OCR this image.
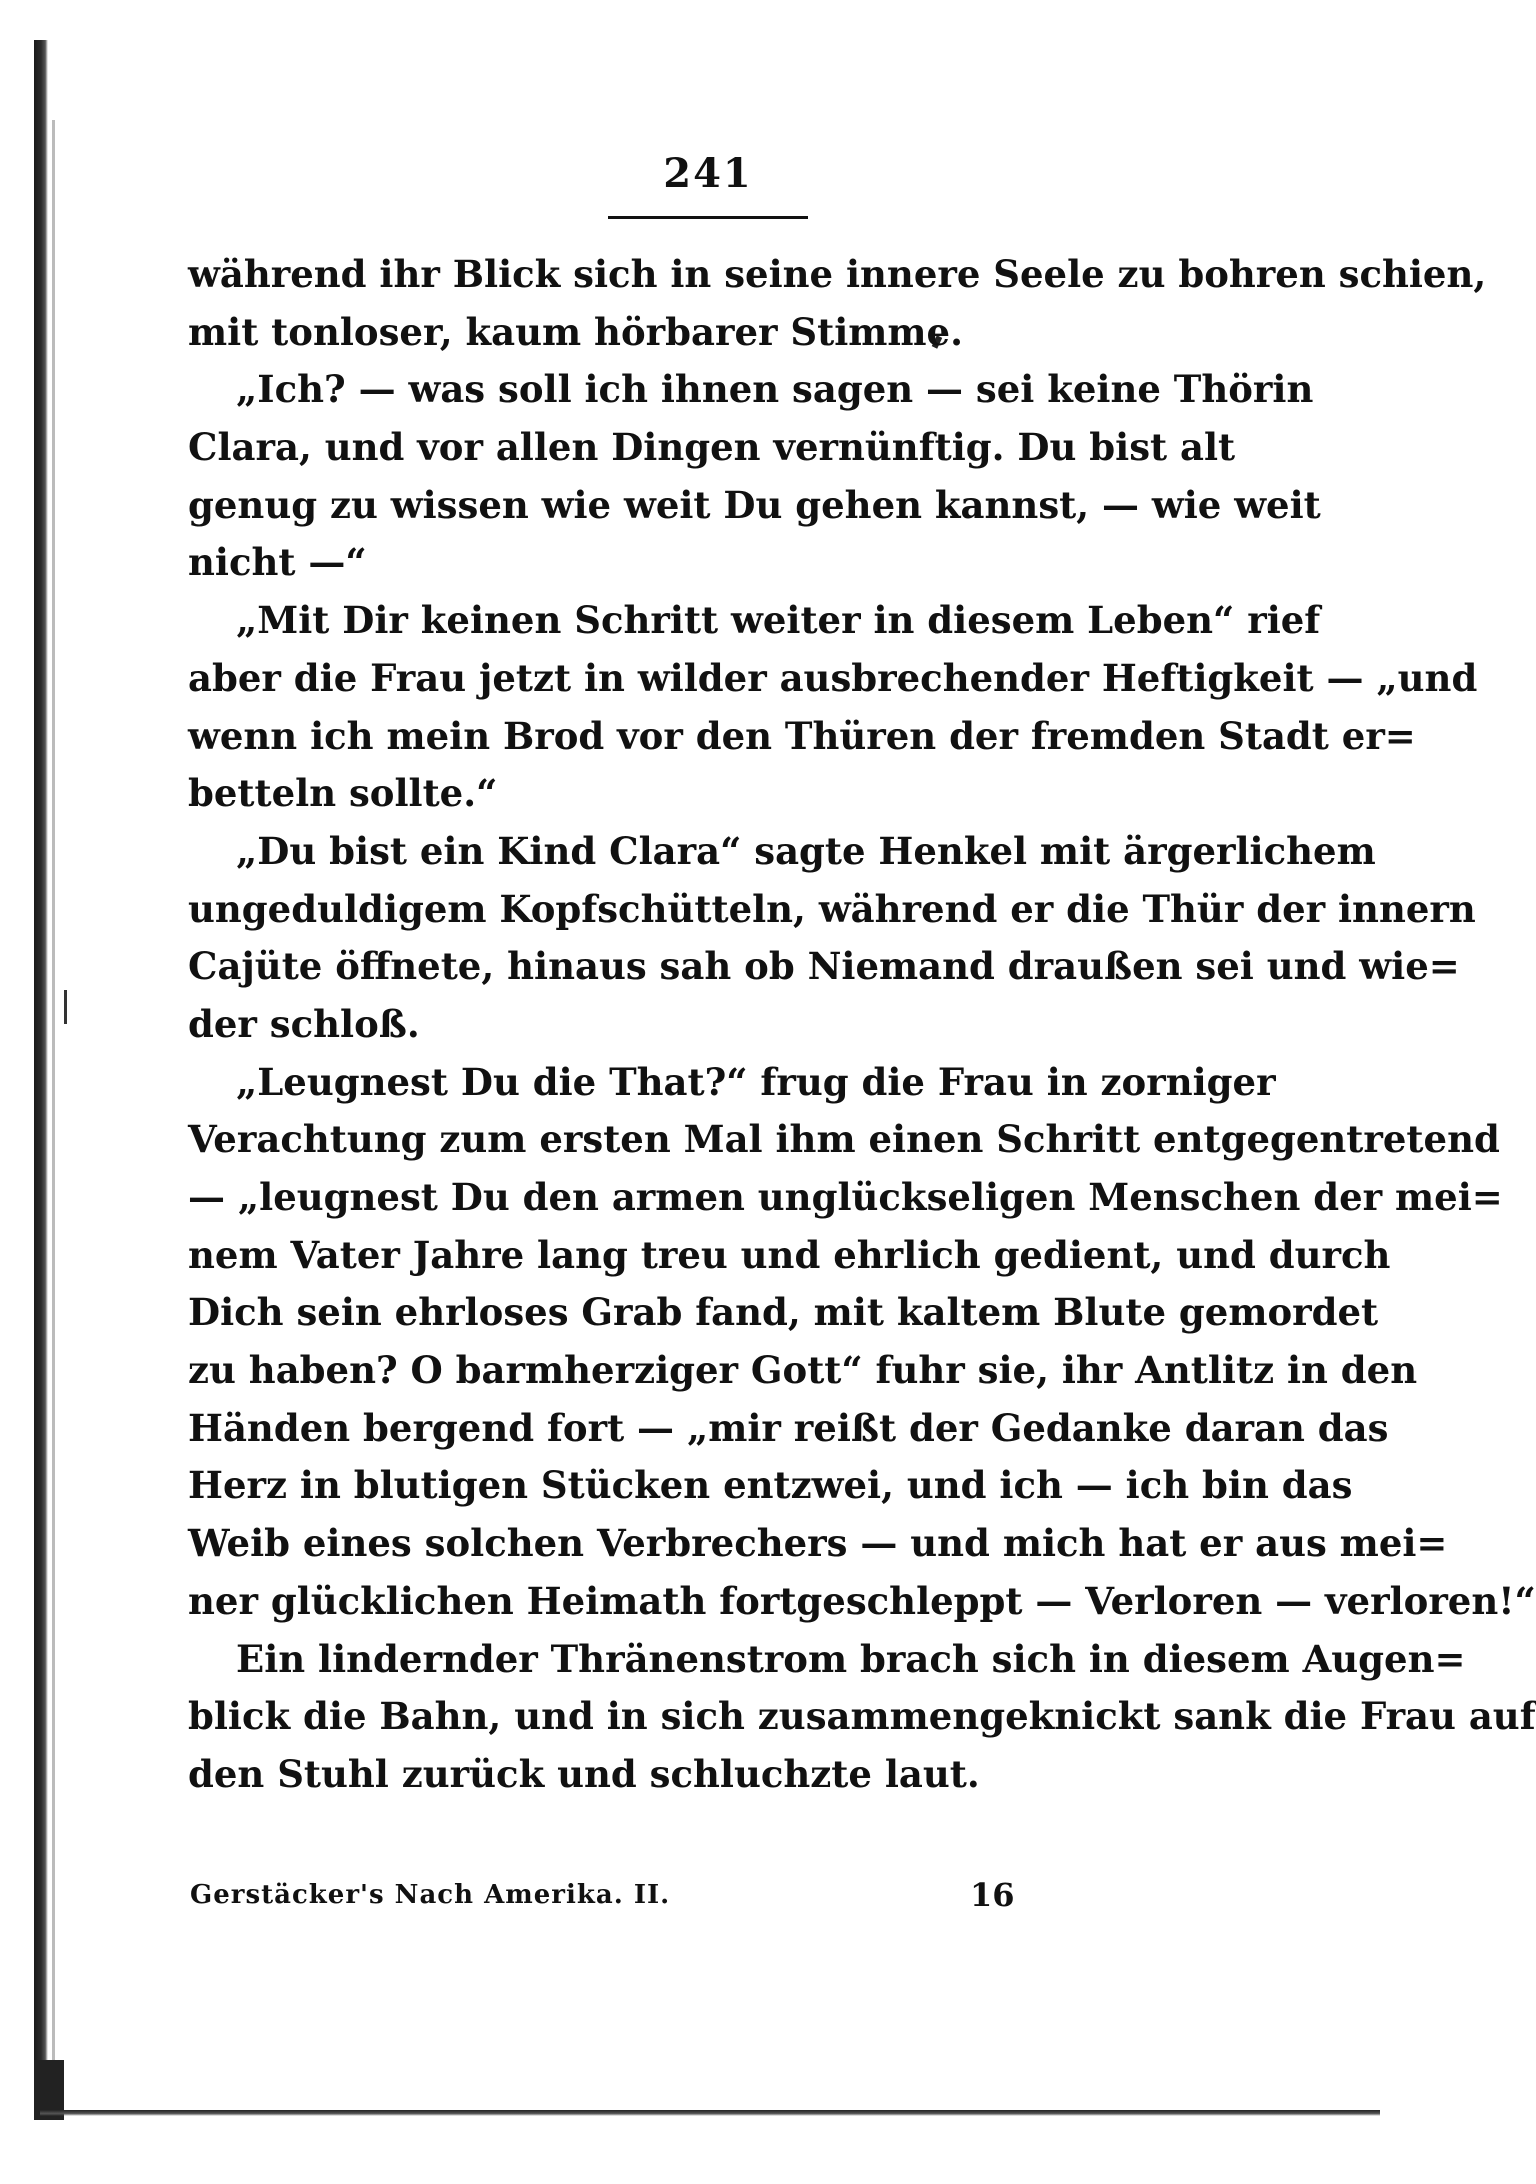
241
während ihr Blick sich in seine innere Seele zu bohren schien,
mit tonloser, kaum hörbarer Stimme.
„Ich? — was soll ich ihnen sagen — sei keine Thörin
Clara, und vor allen Dingen vernünftig. Du bist alt
genug zu wissen wie weit Du gehen kannst, — wie weit
nicht —“
„Mit Dir keinen Schritt weiter in diesem Leben“ rief
aber die Frau jetzt in wilder ausbrechender Heftigkeit — „und
wenn ich mein Brod vor den Thüren der fremden Stadt er=
betteln sollte.“
„Du bist ein Kind Clara“ sagte Henkel mit ärgerlichem
ungeduldigem Kopfschütteln, während er die Thür der innern
Cajüte öffnete, hinaus sah ob Niemand draußen sei und wie=
der schloß.
„Leugnest Du die That?“ frug die Frau in zorniger
Verachtung zum ersten Mal ihm einen Schritt entgegentretend
— „leugnest Du den armen unglückseligen Menschen der mei=
nem Vater Jahre lang treu und ehrlich gedient, und durch
Dich sein ehrloses Grab fand, mit kaltem Blute gemordet
zu haben? O barmherziger Gott“ fuhr sie, ihr Antlitz in den
Händen bergend fort — „mir reißt der Gedanke daran das
Herz in blutigen Stücken entzwei, und ich — ich bin das
Weib eines solchen Verbrechers — und mich hat er aus mei=
ner glücklichen Heimath fortgeschleppt — Verloren — verloren!“
Ein lindernder Thränenstrom brach sich in diesem Augen=
blick die Bahn, und in sich zusammengeknickt sank die Frau auf
den Stuhl zurück und schluchzte laut.
Gerstäcker's Nach Amerika. II.	16
